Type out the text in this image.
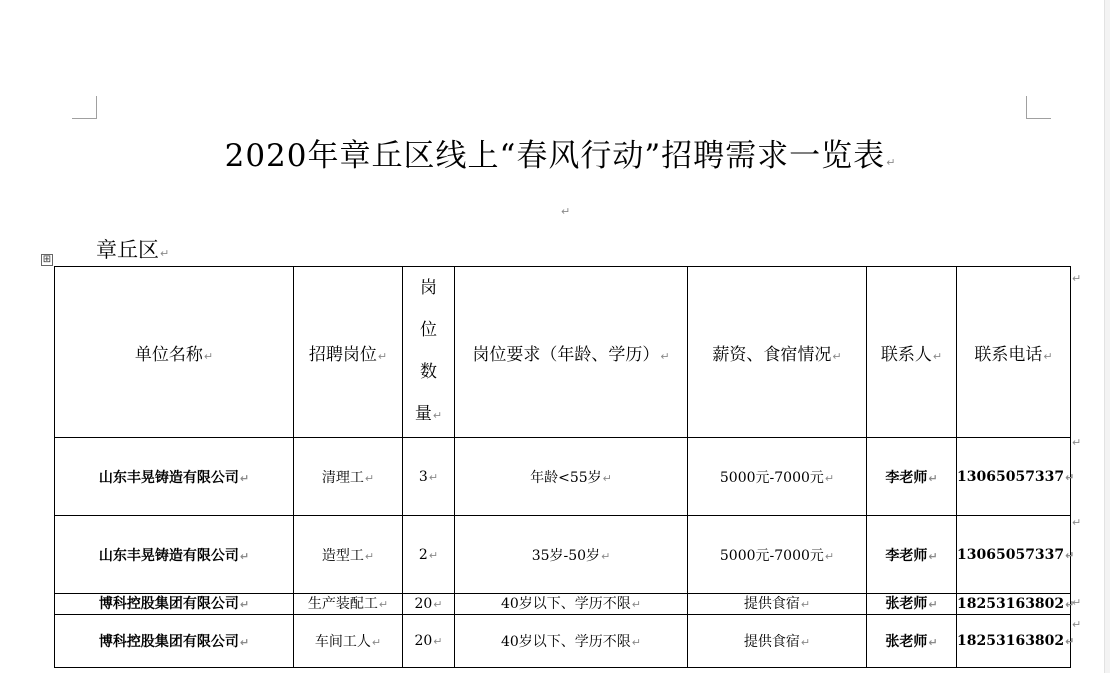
2020年章丘区线上“春风行动”招聘需求一览表↵
↵
章丘区↵
⊞
单位名称↵	招聘岗位↵	岗
位
数
量↵	岗位要求（年龄、学历）↵	薪资、食宿情况↵	联系人↵	联系电话↵
山东丰晃铸造有限公司↵	清理工↵	3↵	年龄<55岁↵	5000元-7000元↵	李老师↵	13065057337↵
山东丰晃铸造有限公司↵	造型工↵	2↵	35岁-50岁↵	5000元-7000元↵	李老师↵	13065057337↵
博科控股集团有限公司↵	生产装配工↵	20↵	40岁以下、学历不限↵	提供食宿↵	张老师↵	18253163802↵
博科控股集团有限公司↵	车间工人↵	20↵	40岁以下、学历不限↵	提供食宿↵	张老师↵	18253163802↵
↵
↵
↵
↵
↵
